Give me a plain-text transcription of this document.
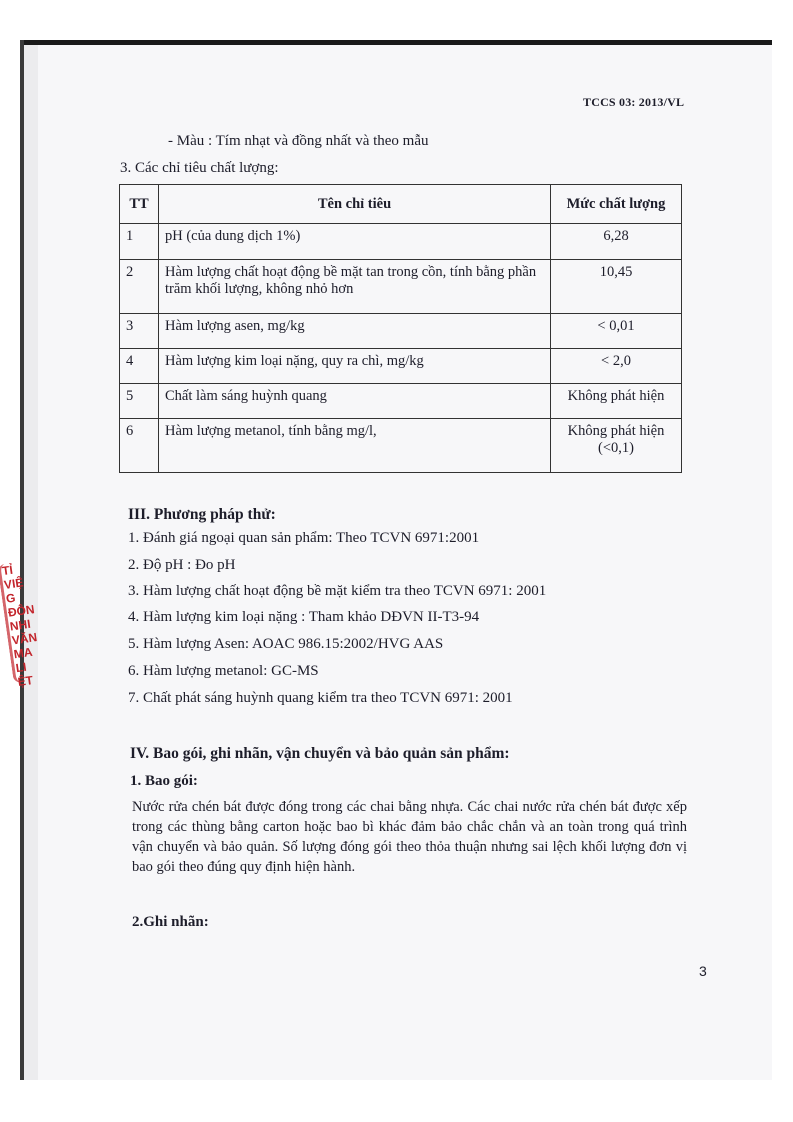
TCCS 03: 2013/VL
- Màu : Tím nhạt và đồng nhất và theo mẫu
3. Các chỉ tiêu chất lượng:
TT	Tên chỉ tiêu	Mức chất lượng
1	pH (của dung dịch 1%)	6,28
2	Hàm lượng chất hoạt động bề mặt tan trong cồn, tính bằng phần trăm khối lượng, không nhỏ hơn	10,45
3	Hàm lượng asen, mg/kg	< 0,01
4	Hàm lượng kim loại nặng, quy ra chì, mg/kg	< 2,0
5	Chất làm sáng huỳnh quang	Không phát hiện
6	Hàm lượng metanol, tính bằng mg/l,	Không phát hiện (<0,1)
III. Phương pháp thử:
1. Đánh giá ngoại quan sản phẩm: Theo TCVN 6971:2001
2. Độ pH : Đo pH
3. Hàm lượng chất hoạt động bề mặt kiểm tra theo TCVN 6971: 2001
4. Hàm lượng kim loại nặng : Tham khảo DĐVN II-T3-94
5. Hàm lượng Asen: AOAC 986.15:2002/HVG AAS
6. Hàm lượng metanol: GC-MS
7. Chất phát sáng huỳnh quang kiểm tra theo TCVN 6971: 2001
IV. Bao gói, ghi nhãn, vận chuyển và bảo quản sản phẩm:
1. Bao gói:
Nước rửa chén bát được đóng trong các chai bằng nhựa. Các chai nước rửa chén bát được xếp trong các thùng bằng carton hoặc bao bì khác đảm bảo chắc chắn và an toàn trong quá trình vận chuyển và bảo quản. Số lượng đóng gói theo thỏa thuận nhưng sai lệch khối lượng đơn vị bao gói theo đúng quy định hiện hành.
2.Ghi nhãn:
3
TỈ
VIỆ
G
ĐÔN
NHI
VĂN
MA
LI
ỆT
